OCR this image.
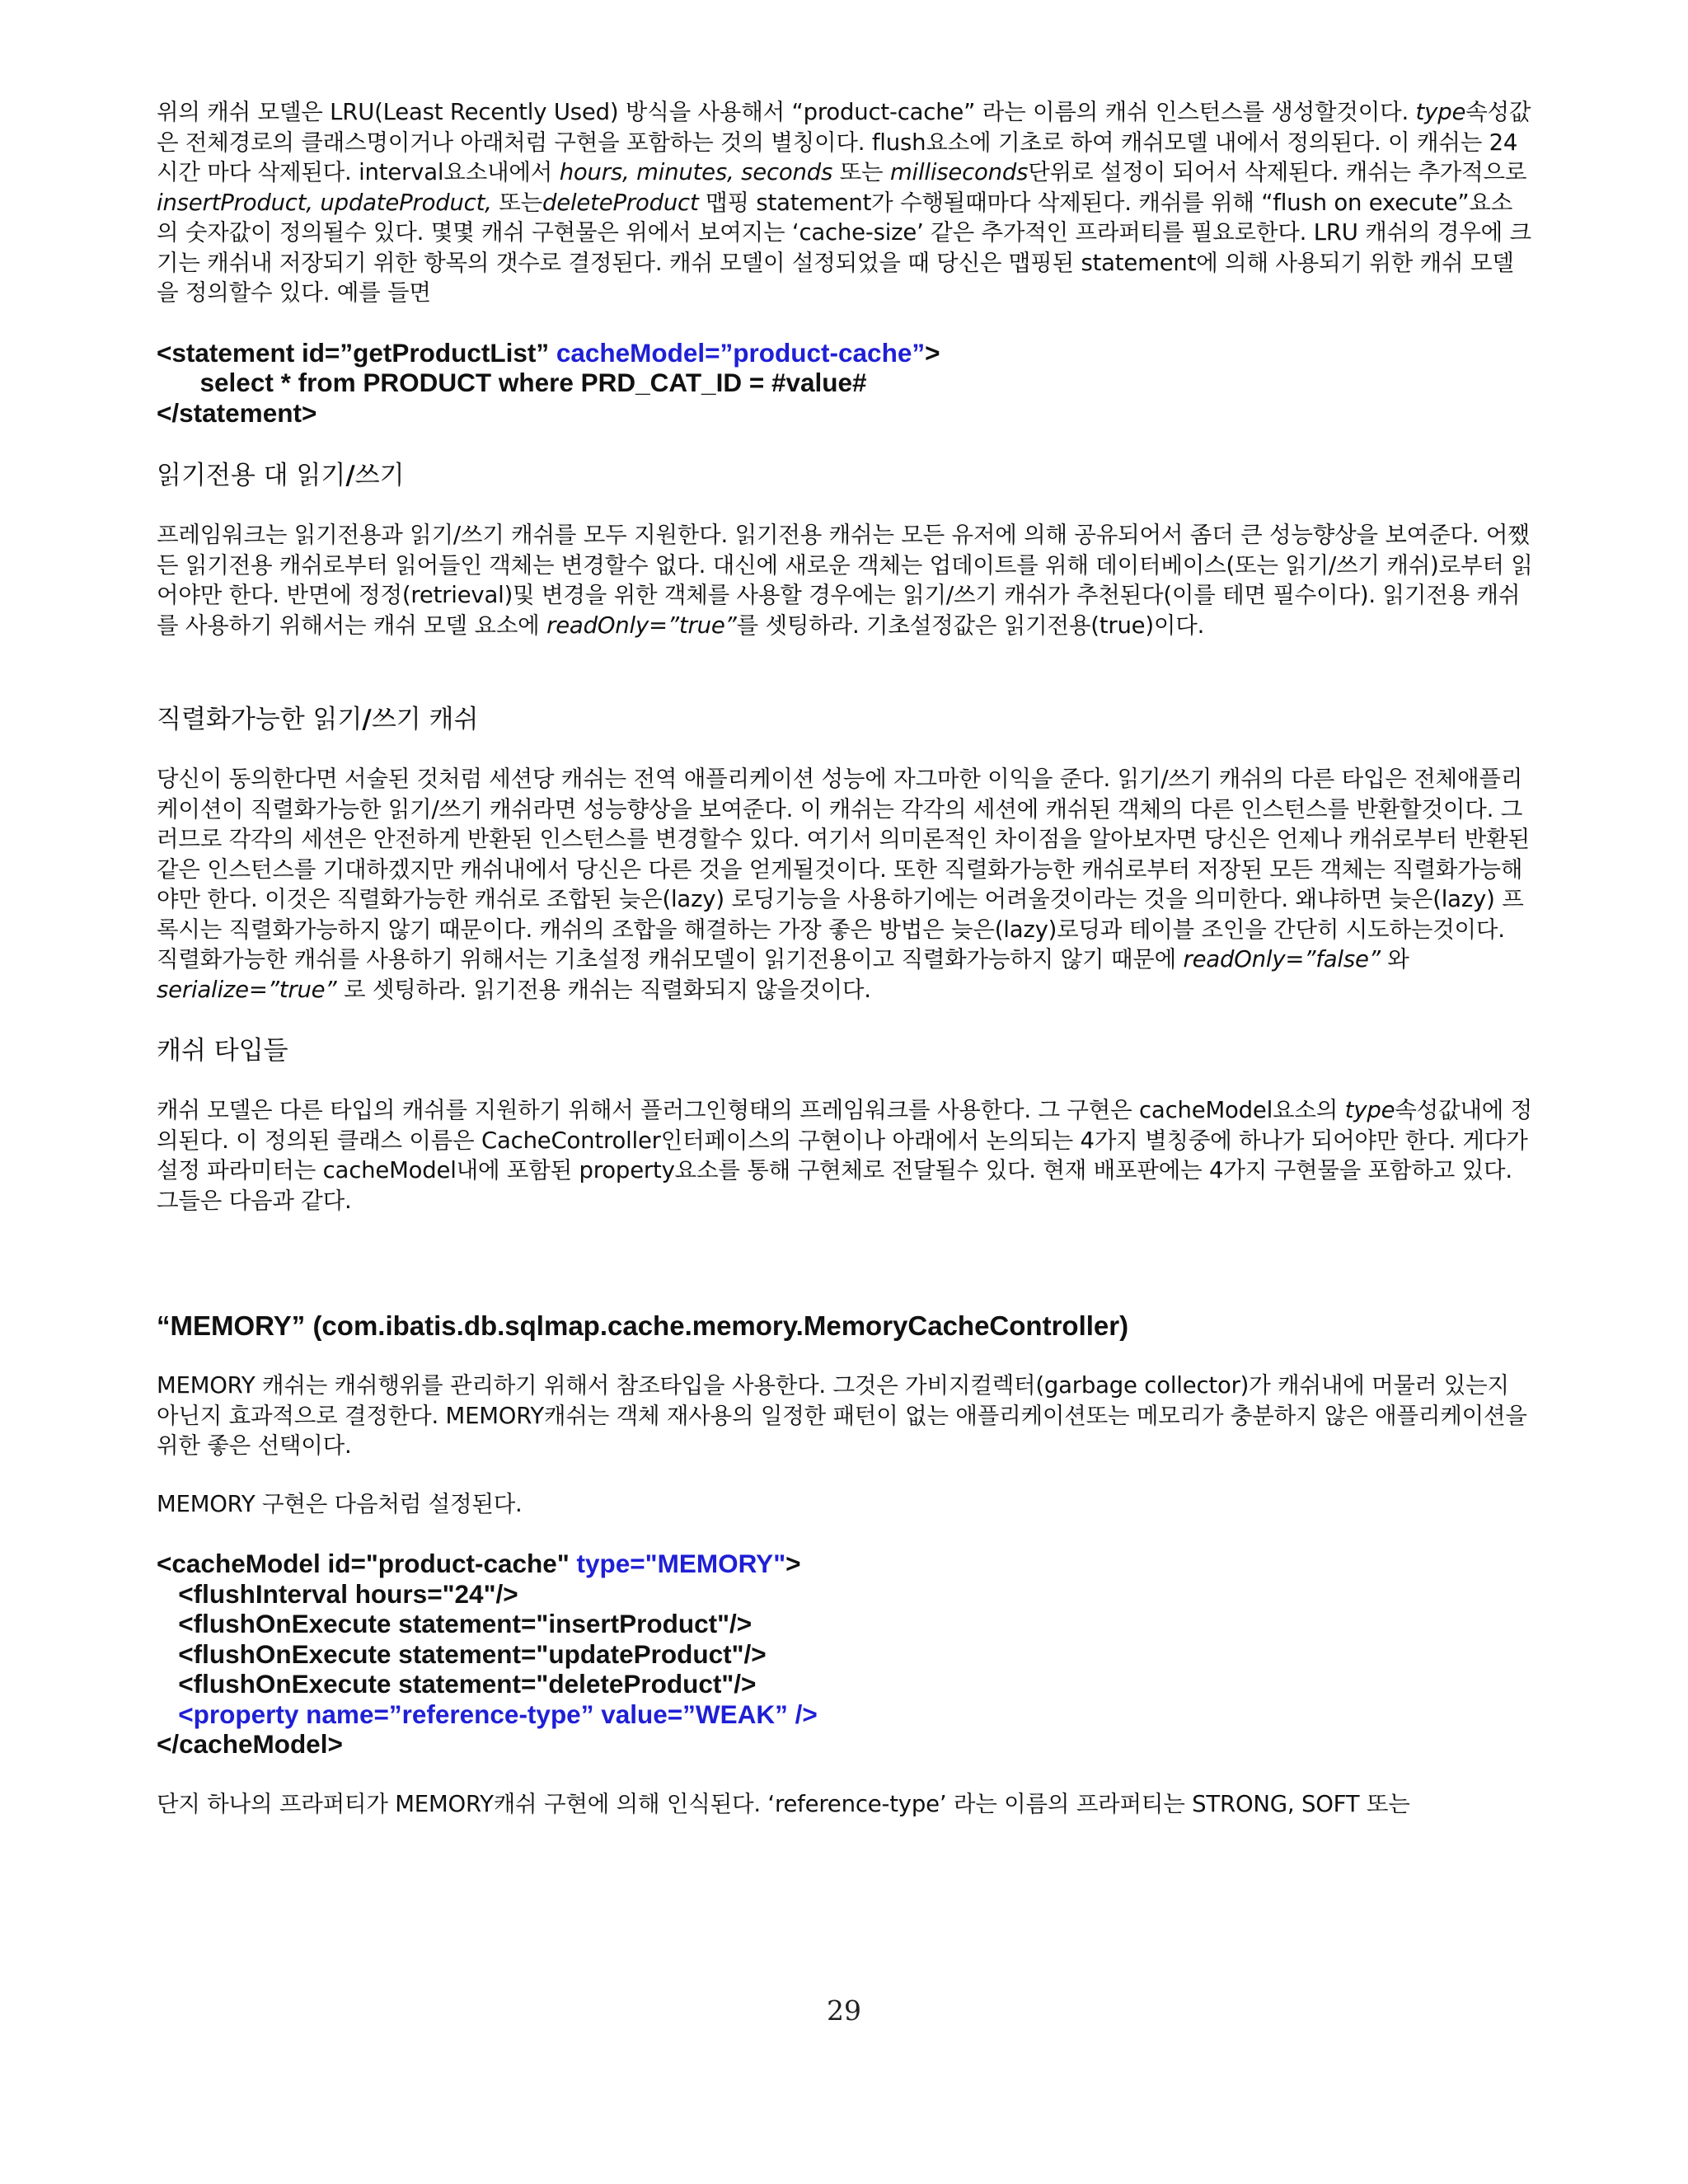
위의 캐쉬 모델은 LRU(Least Recently Used) 방식을 사용해서 “product-cache” 라는 이름의 캐쉬 인스턴스를 생성할것이다. type속성값은 전체경로의 클래스명이거나 아래처럼 구현을 포함하는 것의 별칭이다. flush요소에 기초로 하여 캐쉬모델 내에서 정의된다. 이 캐쉬는 24시간 마다 삭제된다. interval요소내에서 hours, minutes, seconds 또는 milliseconds단위로 설정이 되어서 삭제된다. 캐쉬는 추가적으로 insertProduct, updateProduct, 또는deleteProduct 맵핑 statement가 수행될때마다 삭제된다. 캐쉬를 위해 “flush on execute”요소의 숫자값이 정의될수 있다. 몇몇 캐쉬 구현물은 위에서 보여지는 ‘cache-size’ 같은 추가적인 프라퍼티를 필요로한다. LRU 캐쉬의 경우에 크기는 캐쉬내 저장되기 위한 항목의 갯수로 결정된다. 캐쉬 모델이 설정되었을 때 당신은 맵핑된 statement에 의해 사용되기 위한 캐쉬 모델을 정의할수 있다. 예를 들면

<statement id=”getProductList” cacheModel=”product-cache”>

select * from PRODUCT where PRD_CAT_ID = #value#

</statement>

읽기전용 대 읽기/쓰기

프레임워크는 읽기전용과 읽기/쓰기 캐쉬를 모두 지원한다. 읽기전용 캐쉬는 모든 유저에 의해 공유되어서 좀더 큰 성능향상을 보여준다. 어쨌든 읽기전용 캐쉬로부터 읽어들인 객체는 변경할수 없다. 대신에 새로운 객체는 업데이트를 위해 데이터베이스(또는 읽기/쓰기 캐쉬)로부터 읽어야만 한다. 반면에 정정(retrieval)및 변경을 위한 객체를 사용할 경우에는 읽기/쓰기 캐쉬가 추천된다(이를 테면 필수이다). 읽기전용 캐쉬를 사용하기 위해서는 캐쉬 모델 요소에 readOnly=”true”를 셋팅하라. 기초설정값은 읽기전용(true)이다.

직렬화가능한 읽기/쓰기 캐쉬

당신이 동의한다면 서술된 것처럼 세션당 캐쉬는 전역 애플리케이션 성능에 자그마한 이익을 준다. 읽기/쓰기 캐쉬의 다른 타입은 전체애플리케이션이 직렬화가능한 읽기/쓰기 캐쉬라면 성능향상을 보여준다. 이 캐쉬는 각각의 세션에 캐쉬된 객체의 다른 인스턴스를 반환할것이다. 그러므로 각각의 세션은 안전하게 반환된 인스턴스를 변경할수 있다. 여기서 의미론적인 차이점을 알아보자면 당신은 언제나 캐쉬로부터 반환된 같은 인스턴스를 기대하겠지만 캐쉬내에서 당신은 다른 것을 얻게될것이다. 또한 직렬화가능한 캐쉬로부터 저장된 모든 객체는 직렬화가능해야만 한다. 이것은 직렬화가능한 캐쉬로 조합된 늦은(lazy) 로딩기능을 사용하기에는 어려울것이라는 것을 의미한다. 왜냐하면 늦은(lazy) 프록시는 직렬화가능하지 않기 때문이다. 캐쉬의 조합을 해결하는 가장 좋은 방법은 늦은(lazy)로딩과 테이블 조인을 간단히 시도하는것이다. 직렬화가능한 캐쉬를 사용하기 위해서는 기초설정 캐쉬모델이 읽기전용이고 직렬화가능하지 않기 때문에 readOnly=”false” 와 serialize=”true” 로 셋팅하라. 읽기전용 캐쉬는 직렬화되지 않을것이다.

캐쉬 타입들

캐쉬 모델은 다른 타입의 캐쉬를 지원하기 위해서 플러그인형태의 프레임워크를 사용한다. 그 구현은 cacheModel요소의 type속성값내에 정의된다. 이 정의된 클래스 이름은 CacheController인터페이스의 구현이나 아래에서 논의되는 4가지 별칭중에 하나가 되어야만 한다. 게다가 설정 파라미터는 cacheModel내에 포함된 property요소를 통해 구현체로 전달될수 있다. 현재 배포판에는 4가지 구현물을 포함하고 있다. 그들은 다음과 같다.

“MEMORY” (com.ibatis.db.sqlmap.cache.memory.MemoryCacheController)

MEMORY 캐쉬는 캐쉬행위를 관리하기 위해서 참조타입을 사용한다. 그것은 가비지컬렉터(garbage collector)가 캐쉬내에 머물러 있는지 아닌지 효과적으로 결정한다. MEMORY캐쉬는 객체 재사용의 일정한 패턴이 없는 애플리케이션또는 메모리가 충분하지 않은 애플리케이션을 위한 좋은 선택이다.

MEMORY 구현은 다음처럼 설정된다.

<cacheModel id="product-cache" type="MEMORY">

<flushInterval hours="24"/>

<flushOnExecute statement="insertProduct"/>

<flushOnExecute statement="updateProduct"/>

<flushOnExecute statement="deleteProduct"/>

<property name=”reference-type” value=”WEAK” />

</cacheModel>

단지 하나의 프라퍼티가 MEMORY캐쉬 구현에 의해 인식된다. ‘reference-type’ 라는 이름의 프라퍼티는 STRONG, SOFT 또는

29
